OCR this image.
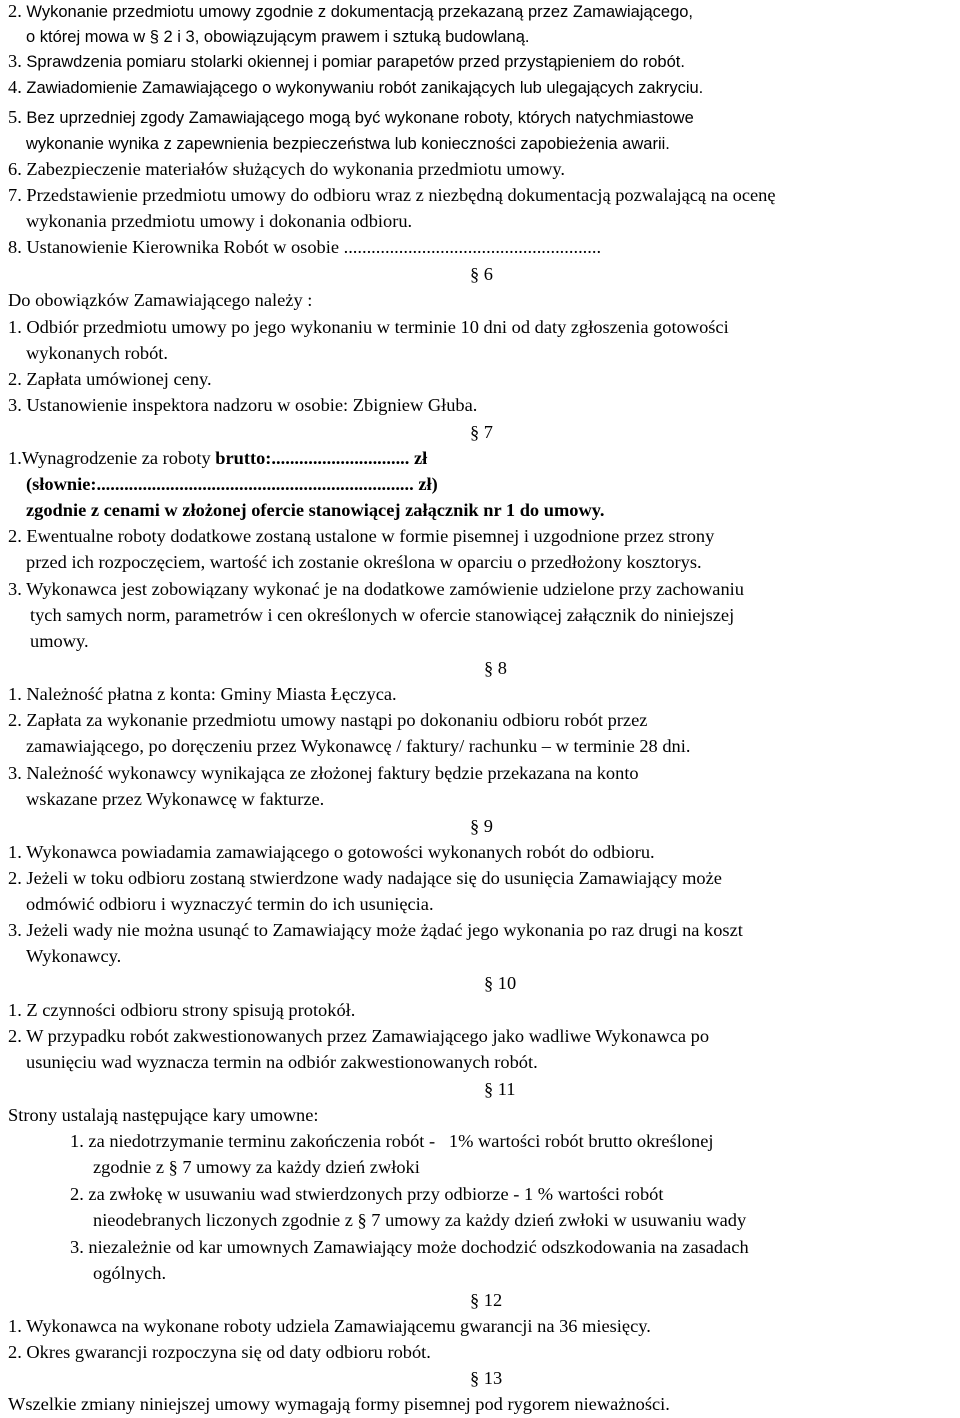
2. Wykonanie przedmiotu umowy zgodnie z dokumentacją przekazaną przez Zamawiającego,
o której mowa w § 2 i 3, obowiązującym prawem i sztuką budowlaną.
3. Sprawdzenia pomiaru stolarki okiennej i pomiar parapetów przed przystąpieniem do robót.
4. Zawiadomienie Zamawiającego o wykonywaniu robót zanikających lub ulegających zakryciu.
5. Bez uprzedniej zgody Zamawiającego mogą być wykonane roboty, których natychmiastowe
wykonanie wynika z zapewnienia bezpieczeństwa lub konieczności zapobieżenia awarii.
6. Zabezpieczenie materiałów służących do wykonania przedmiotu umowy.
7. Przedstawienie przedmiotu umowy do odbioru wraz z niezbędną dokumentacją pozwalającą na ocenę
wykonania przedmiotu umowy i dokonania odbioru.
8. Ustanowienie Kierownika Robót w osobie ........................................................
§ 6
Do obowiązków Zamawiającego należy :
1. Odbiór przedmiotu umowy po jego wykonaniu w terminie 10 dni od daty zgłoszenia gotowości
wykonanych robót.
2. Zapłata umówionej ceny.
3. Ustanowienie inspektora nadzoru w osobie: Zbigniew Głuba.
§ 7
1.Wynagrodzenie za roboty brutto:.............................. zł
(słownie:..................................................................... zł)
zgodnie z cenami w złożonej ofercie stanowiącej załącznik nr 1 do umowy.
2. Ewentualne roboty dodatkowe zostaną ustalone w formie pisemnej i uzgodnione przez strony
przed ich rozpoczęciem, wartość ich zostanie określona w oparciu o przedłożony kosztorys.
3. Wykonawca jest zobowiązany wykonać je na dodatkowe zamówienie udzielone przy zachowaniu
tych samych norm, parametrów i cen określonych w ofercie stanowiącej załącznik do niniejszej
umowy.
§ 8
1. Należność płatna z konta: Gminy Miasta Łęczyca.
2. Zapłata za wykonanie przedmiotu umowy nastąpi po dokonaniu odbioru robót przez
zamawiającego, po doręczeniu przez Wykonawcę / faktury/ rachunku – w terminie 28 dni.
3. Należność wykonawcy wynikająca ze złożonej faktury będzie przekazana na konto
wskazane przez Wykonawcę w fakturze.
§ 9
1. Wykonawca powiadamia zamawiającego o gotowości wykonanych robót do odbioru.
2. Jeżeli w toku odbioru zostaną stwierdzone wady nadające się do usunięcia Zamawiający może
odmówić odbioru i wyznaczyć termin do ich usunięcia.
3. Jeżeli wady nie można usunąć to Zamawiający może żądać jego wykonania po raz drugi na koszt
Wykonawcy.
§ 10
1. Z czynności odbioru strony spisują protokół.
2. W przypadku robót zakwestionowanych przez Zamawiającego jako wadliwe Wykonawca po
usunięciu wad wyznacza termin na odbiór zakwestionowanych robót.
§ 11
Strony ustalają następujące kary umowne:
1. za niedotrzymanie terminu zakończenia robót -   1% wartości robót brutto określonej
zgodnie z § 7 umowy za każdy dzień zwłoki
2. za zwłokę w usuwaniu wad stwierdzonych przy odbiorze - 1 % wartości robót
nieodebranych liczonych zgodnie z § 7 umowy za każdy dzień zwłoki w usuwaniu wady
3. niezależnie od kar umownych Zamawiający może dochodzić odszkodowania na zasadach
ogólnych.
§ 12
1. Wykonawca na wykonane roboty udziela Zamawiającemu gwarancji na 36 miesięcy.
2. Okres gwarancji rozpoczyna się od daty odbioru robót.
§ 13
Wszelkie zmiany niniejszej umowy wymagają formy pisemnej pod rygorem nieważności.
